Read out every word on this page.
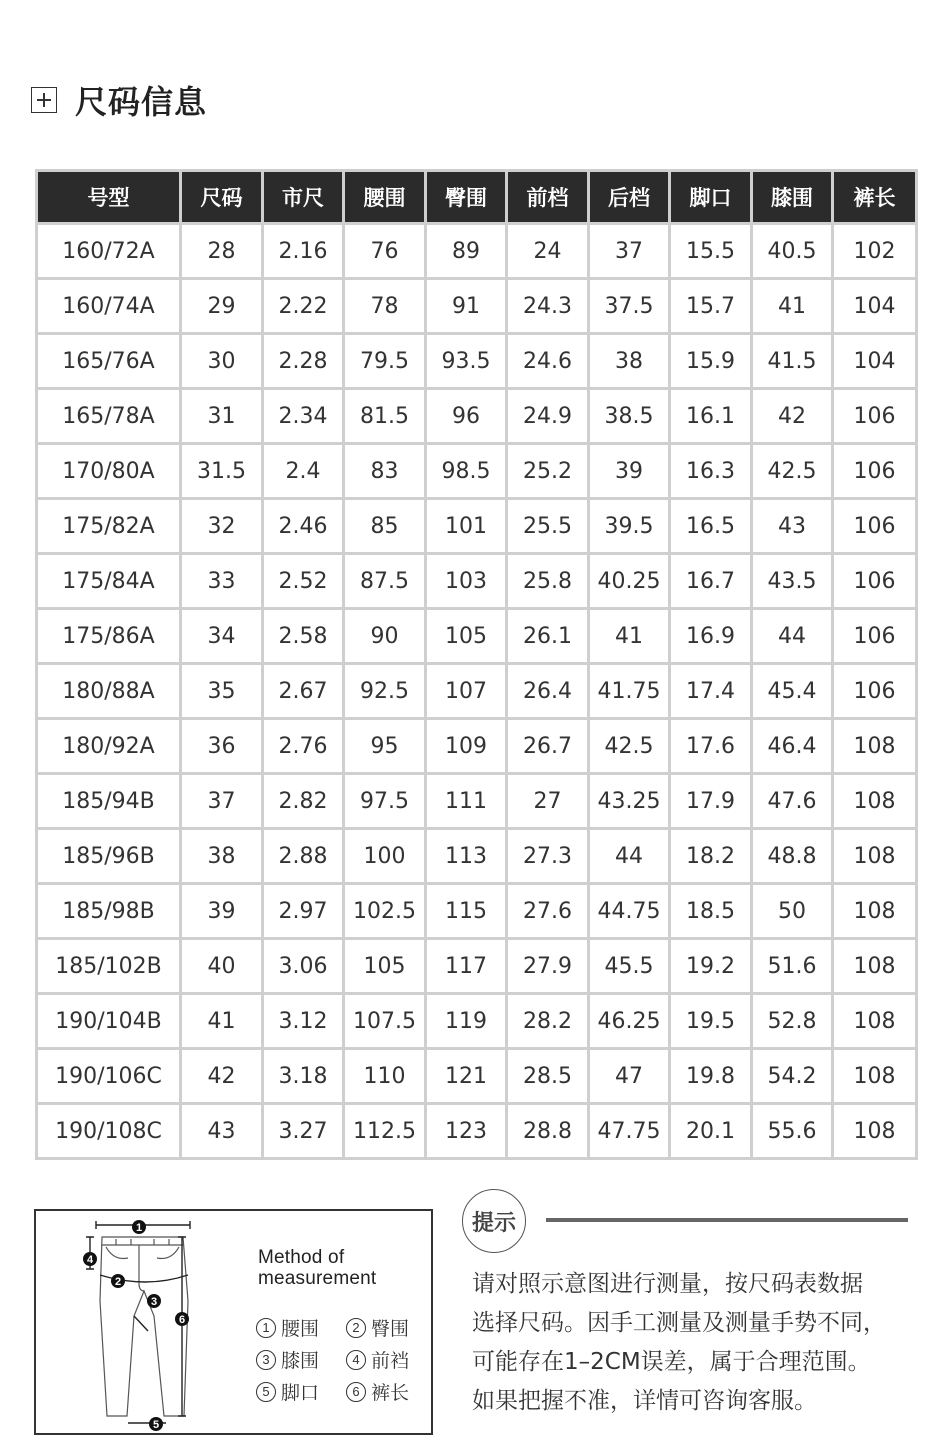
尺码信息
号型	尺码	市尺	腰围	臀围	前档	后档	脚口	膝围	裤长
160/72A	28	2.16	76	89	24	37	15.5	40.5	102
160/74A	29	2.22	78	91	24.3	37.5	15.7	41	104
165/76A	30	2.28	79.5	93.5	24.6	38	15.9	41.5	104
165/78A	31	2.34	81.5	96	24.9	38.5	16.1	42	106
170/80A	31.5	2.4	83	98.5	25.2	39	16.3	42.5	106
175/82A	32	2.46	85	101	25.5	39.5	16.5	43	106
175/84A	33	2.52	87.5	103	25.8	40.25	16.7	43.5	106
175/86A	34	2.58	90	105	26.1	41	16.9	44	106
180/88A	35	2.67	92.5	107	26.4	41.75	17.4	45.4	106
180/92A	36	2.76	95	109	26.7	42.5	17.6	46.4	108
185/94B	37	2.82	97.5	111	27	43.25	17.9	47.6	108
185/96B	38	2.88	100	113	27.3	44	18.2	48.8	108
185/98B	39	2.97	102.5	115	27.6	44.75	18.5	50	108
185/102B	40	3.06	105	117	27.9	45.5	19.2	51.6	108
190/104B	41	3.12	107.5	119	28.2	46.25	19.5	52.8	108
190/106C	42	3.18	110	121	28.5	47	19.8	54.2	108
190/108C	43	3.27	112.5	123	28.8	47.75	20.1	55.6	108
1
2
3
4
5
6
Method of
measurement
1 腰围	2 臀围
3 膝围	4 前裆
5 脚口	6 裤长
提示

请对照示意图进行测量，按尺码表数据

选择尺码。因手工测量及测量手势不同，

可能存在1–2CM误差，属于合理范围。

如果把握不准，详情可咨询客服。
